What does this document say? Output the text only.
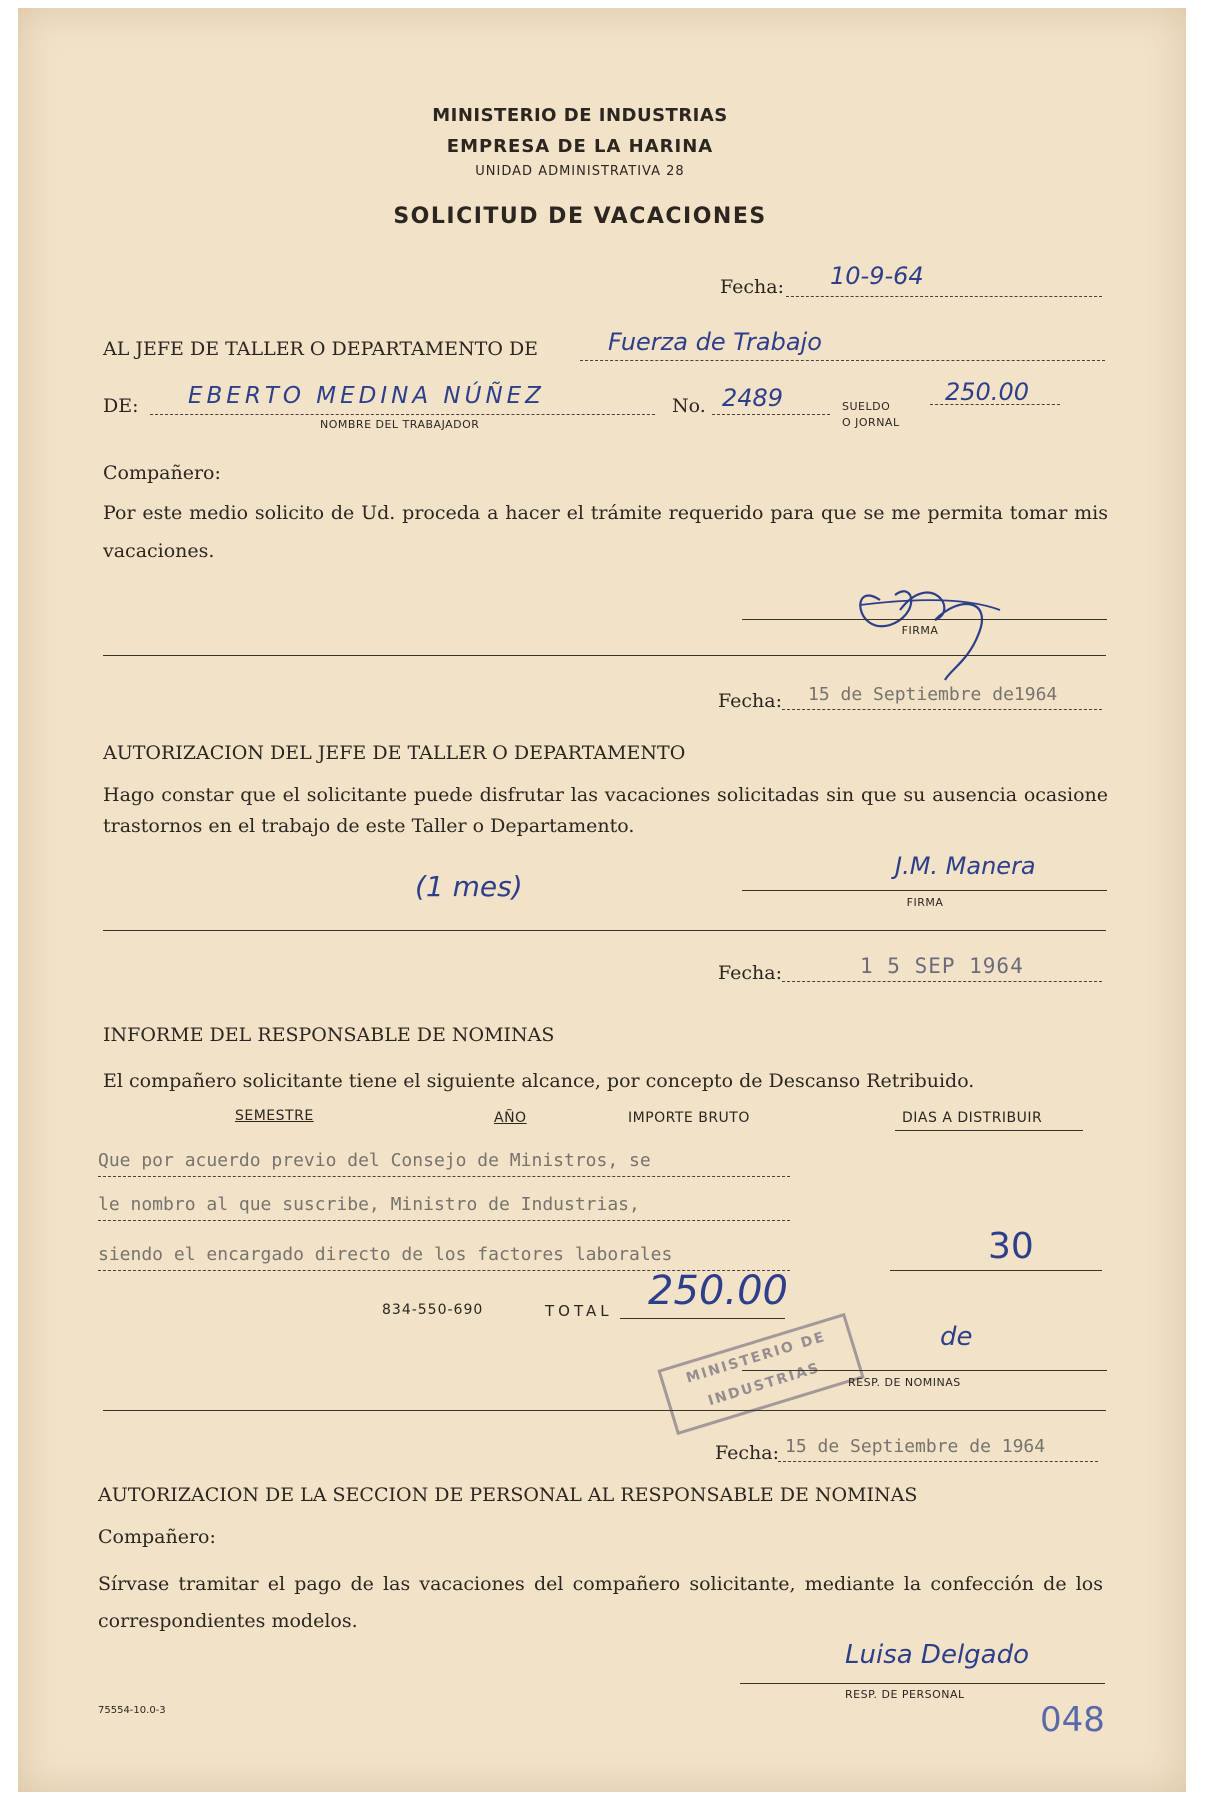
MINISTERIO DE INDUSTRIAS
EMPRESA DE LA HARINA
UNIDAD ADMINISTRATIVA 28
SOLICITUD DE VACACIONES
Fecha: 10-9-64
AL JEFE DE TALLER O DEPARTAMENTO DE	Fuerza de Trabajo
DE: EBERTO MEDINA NÚÑEZ
NOMBRE DEL TRABAJADOR
No. 2489	SUELDO
O JORNAL
250.00
Compañero:
Por este medio solicito de Ud. proceda a hacer el trámite requerido para que se me permita tomar mis vacaciones.
FIRMA
Fecha: 15 de Septiembre de1964
AUTORIZACION DEL JEFE DE TALLER O DEPARTAMENTO
Hago constar que el solicitante puede disfrutar las vacaciones solicitadas sin que su ausencia ocasione trastornos en el trabajo de este Taller o Departamento.
(1 mes)
J.M. Manera
FIRMA
Fecha:	1 5 SEP 1964
INFORME DEL RESPONSABLE DE NOMINAS
El compañero solicitante tiene el siguiente alcance, por concepto de Descanso Retribuido.
SEMESTRE	AÑO	IMPORTE BRUTO	DIAS A DISTRIBUIR
Que por acuerdo previo del Consejo de Ministros, se
le nombro al que suscribe, Ministro de Industrias,
siendo el encargado directo de los factores laborales	30
834-550-690	TOTAL 250.00
MINISTERIO DE INDUSTRIAS
de
RESP. DE NOMINAS
Fecha: 15 de Septiembre de 1964
AUTORIZACION DE LA SECCION DE PERSONAL AL RESPONSABLE DE NOMINAS
Compañero:
Sírvase tramitar el pago de las vacaciones del compañero solicitante, mediante la confección de los correspondientes modelos.
Luisa Delgado
RESP. DE PERSONAL
75554-10.0-3	048
